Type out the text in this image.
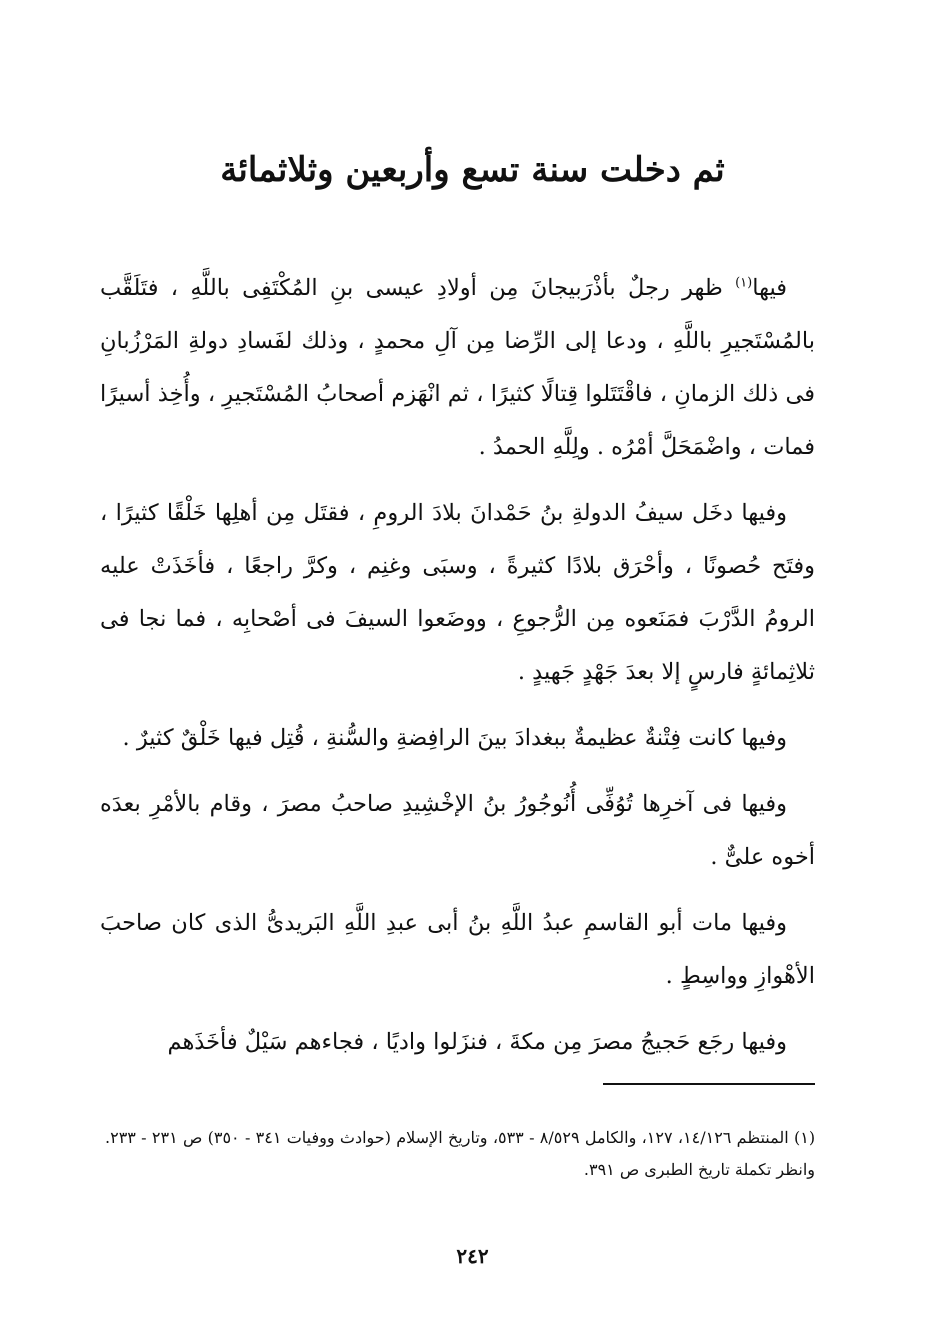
ثم دخلت سنة تسع وأربعين وثلاثمائة

فيها$^{(١)}$ ظهر رجلٌ بأذْرَبيجانَ مِن أولادِ عيسى بنِ المُكْتَفِى باللَّهِ ، فتَلَقَّب بالمُسْتَجيرِ باللَّهِ ، ودعا إلى الرِّضا مِن آلِ محمدٍ ، وذلك لفَسادِ دولةِ المَرْزُبانِ فى ذلك الزمانِ ، فاقْتَتَلوا قِتالًا كثيرًا ، ثم انْهَزم أصحابُ المُسْتَجيرِ ، وأُخِذ أسيرًا فمات ، واضْمَحَلَّ أمْرُه . ولِلَّهِ الحمدُ .

وفيها دخَل سيفُ الدولةِ بنُ حَمْدانَ بلادَ الرومِ ، فقتَل مِن أهلِها خَلْقًا كثيرًا ، وفتَح حُصونًا ، وأحْرَق بلادًا كثيرةً ، وسبَى وغنِم ، وكرَّ راجعًا ، فأخَذَتْ عليه الرومُ الدَّرْبَ فمَنَعوه مِن الرُّجوعِ ، ووضَعوا السيفَ فى أصْحابِه ، فما نجا فى ثلاثِمائةٍ فارسٍ إلا بعدَ جَهْدٍ جَهيدٍ .

وفيها كانت فِتْنةٌ عظيمةٌ ببغدادَ بينَ الرافِضةِ والسُّنةِ ، قُتِل فيها خَلْقٌ كثيرٌ .

وفيها فى آخرِها تُوُفِّى أُنُوجُورُ بنُ الإخْشِيدِ صاحبُ مصرَ ، وقام بالأمْرِ بعدَه أخوه علىٌّ .

وفيها مات أبو القاسمِ عبدُ اللَّهِ بنُ أبى عبدِ اللَّهِ البَريدىُّ الذى كان صاحبَ الأهْوازِ وواسِطٍ .

وفيها رجَع حَجيجُ مصرَ مِن مكةَ ، فنزَلوا واديًا ، فجاءهم سَيْلٌ فأخَذَهم

(١) المنتظم ١٤/١٢٦، ١٢٧، والكامل ٨/٥٢٩ - ٥٣٣، وتاريخ الإسلام (حوادث ووفيات ٣٤١ - ٣٥٠) ص ٢٣١ - ٢٣٣. وانظر تكملة تاريخ الطبرى ص ٣٩١.
٢٤٢
